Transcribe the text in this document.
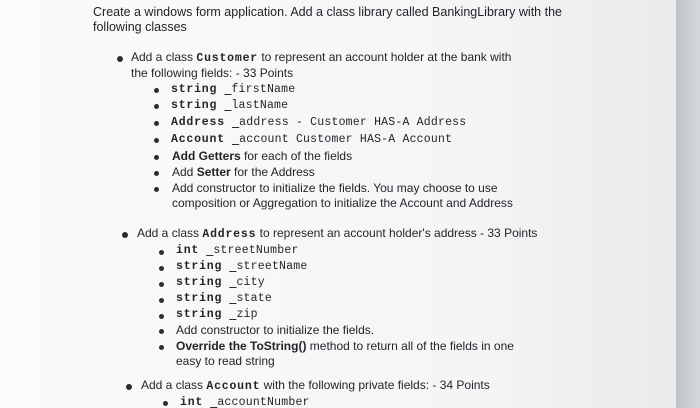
Create a windows form application. Add a class library called BankingLibrary with the following classes
Add a class Customer to represent an account holder at the bank with the following fields: - 33 Points
string firstName
string lastName
Address address - Customer HAS-A Address
Account account Customer HAS-A Account
Add Getters for each of the fields
Add Setter for the Address
Add constructor to initialize the fields. You may choose to use composition or Aggregation to initialize the Account and Address
Add a class Address to represent an account holder's address - 33 Points
int streetNumber
string streetName
string city
string state
string zip
Add constructor to initialize the fields.
Override the ToString() method to return all of the fields in one easy to read string
Add a class Account with the following private fields: - 34 Points
int accountNumber
